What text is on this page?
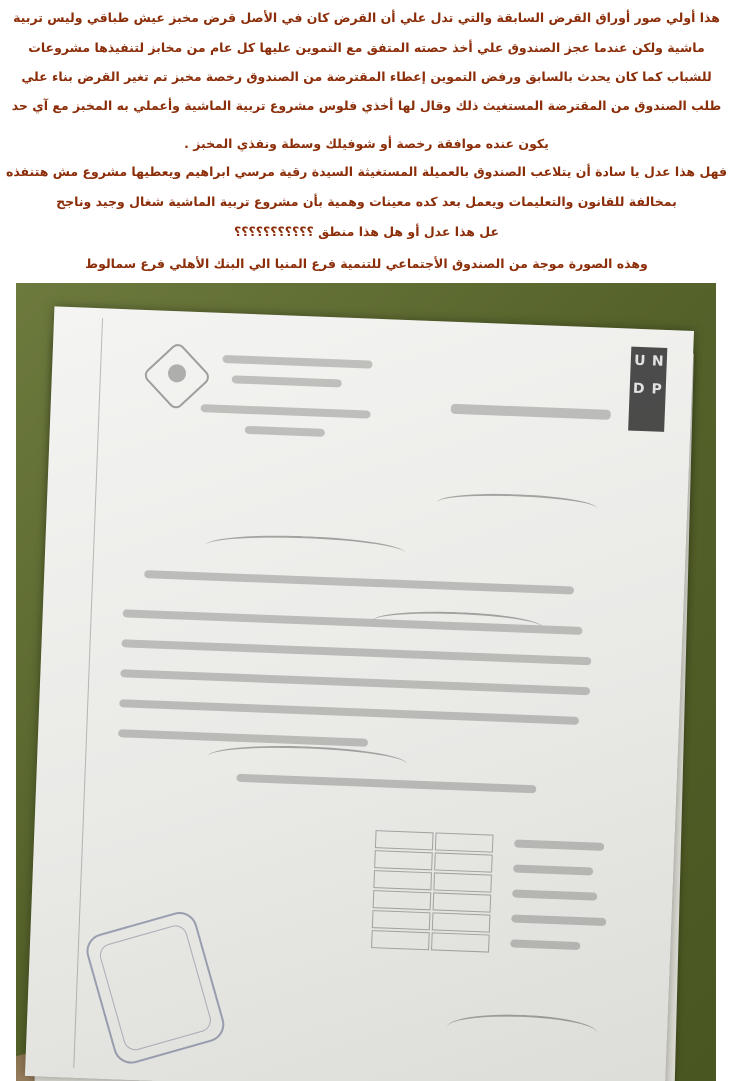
هذا أولي صور أوراق القرض السابقة والتي تدل علي أن القرض كان في الأصل قرض مخبز عيش طباقي وليس تربية
ماشية ولكن عندما عجز الصندوق علي أخذ حصته المتفق مع التموين عليها كل عام من مخابز لتنفيذها مشروعات
للشباب كما كان يحدث بالسابق ورفض التموين إعطاء المقترضة من الصندوق رخصة مخبز تم تغير القرض بناء علي
طلب الصندوق من المقترضة المستغيث ذلك وقال لها أخذي فلوس مشروع تربية الماشية وأعملي به المخبز مع آي حد
يكون عنده موافقة رخصة أو شوفيلك وسطة ونفذي المخبز .
فهل هذا عدل يا سادة أن يتلاعب الصندوق بالعميلة المستغيثة السيدة رقية مرسي ابراهيم ويعطيها مشروع مش هتنفذه
بمخالفة للقانون والتعليمات ويعمل بعد كده معينات وهمية بأن مشروع تربية الماشية شغال وجيد وناجح
عل هذا عدل أو هل هذا منطق ؟؟؟؟؟؟؟؟؟؟؟
وهذه الصورة موجة من الصندوق الأجتماعي للتنمية فرع المنيا الي البنك الأهلي فرع سمالوط
U N
D P
